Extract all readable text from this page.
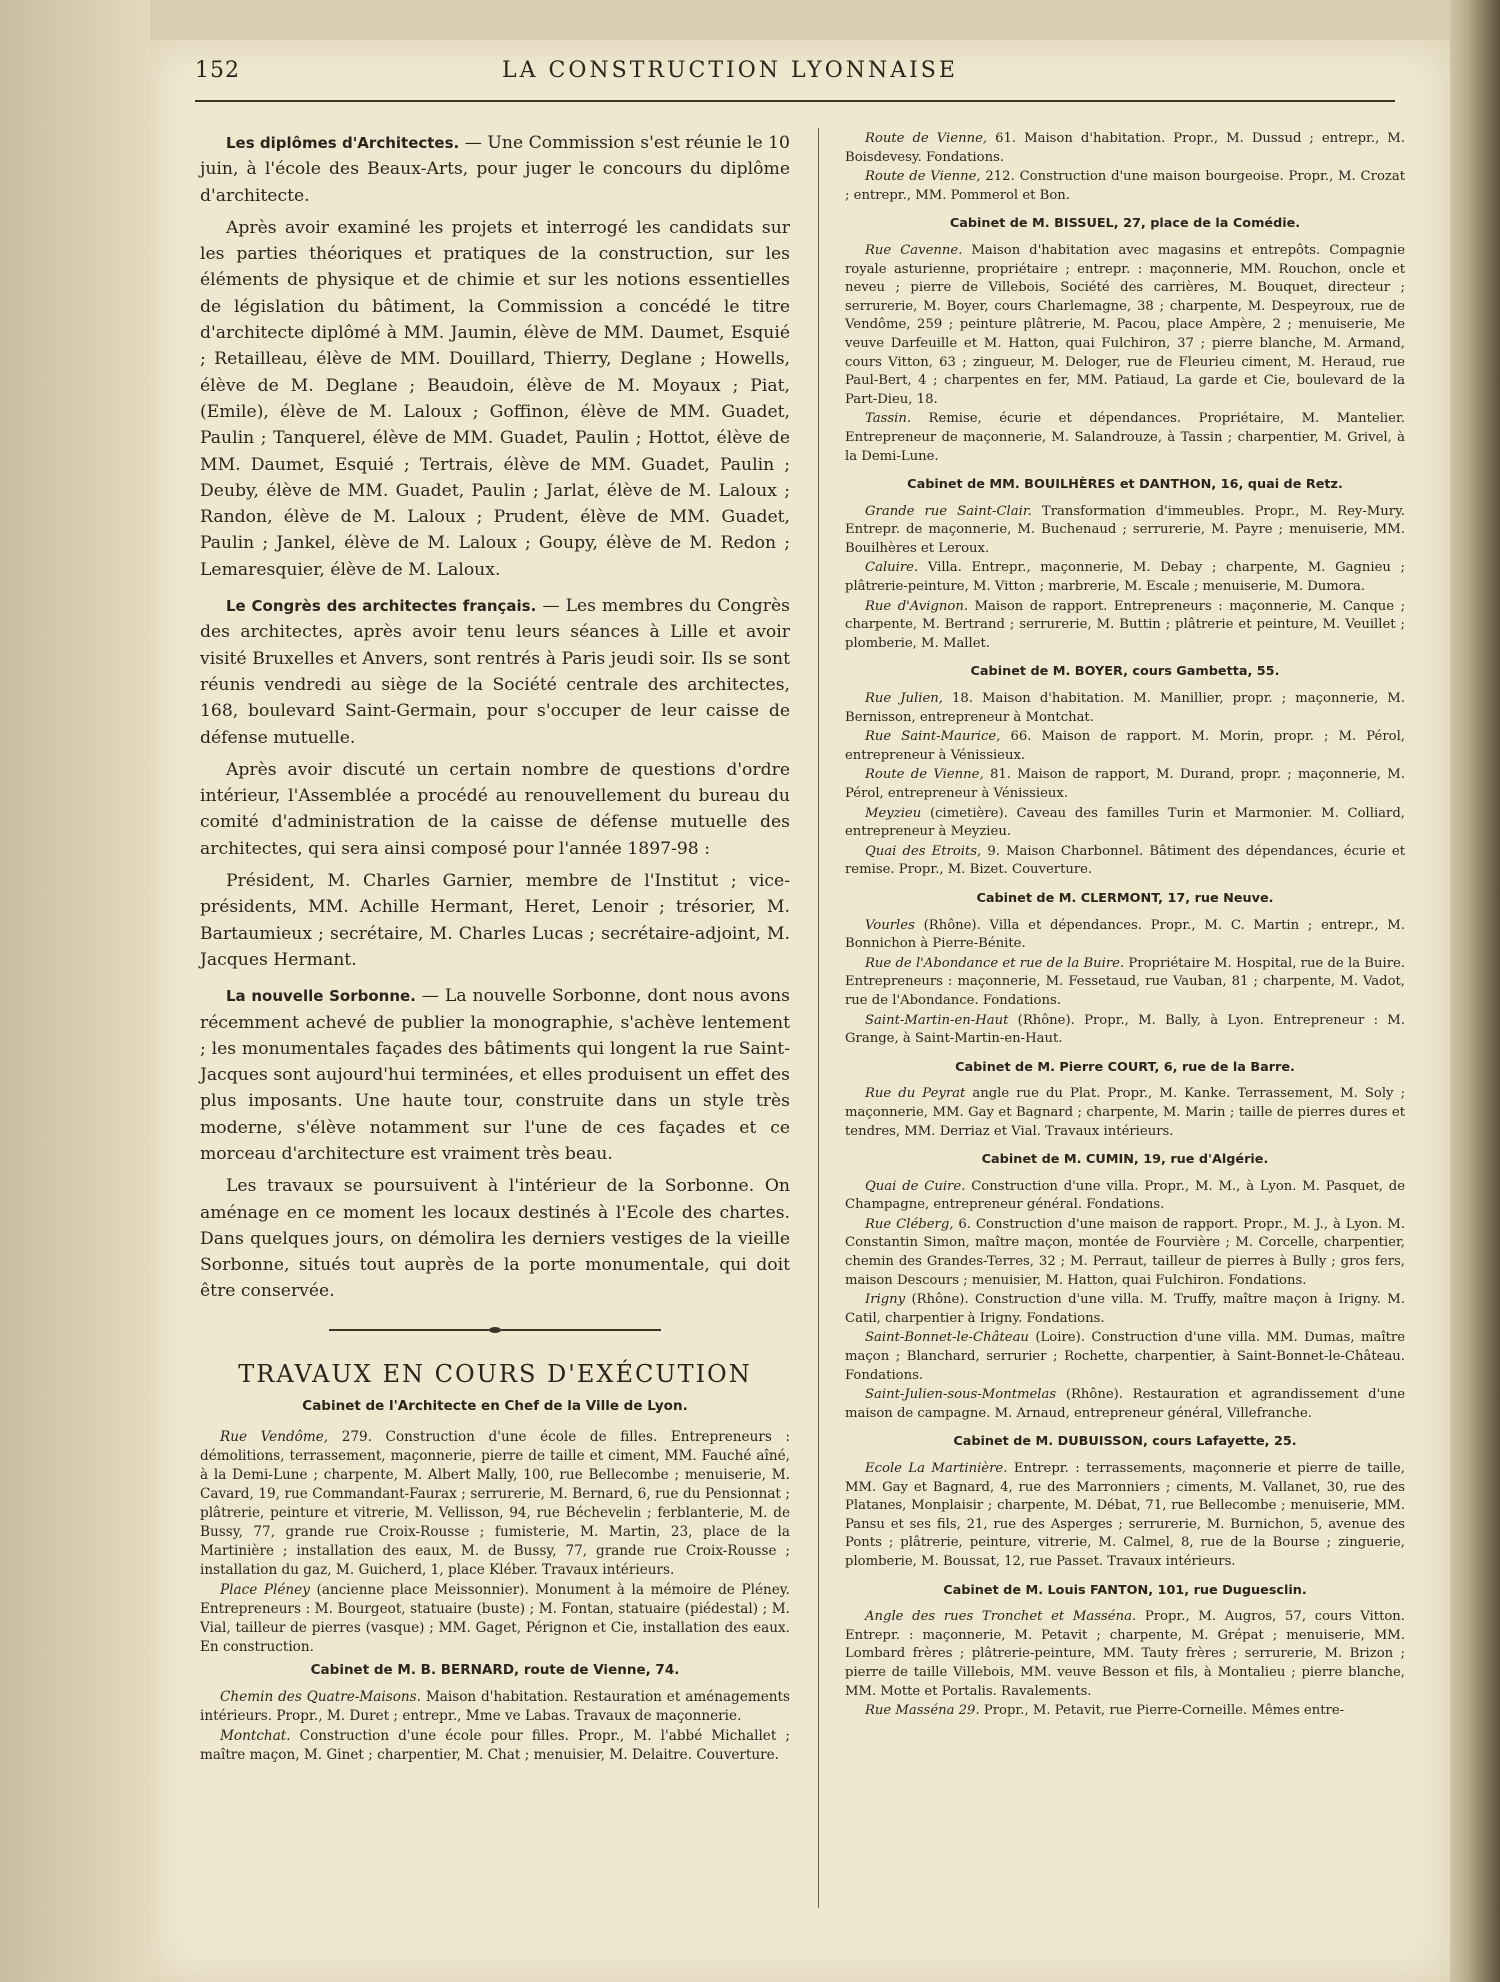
152	LA CONSTRUCTION LYONNAISE

Les diplômes d'Architectes. — Une Commission s'est réunie le 10 juin, à l'école des Beaux-Arts, pour juger le concours du diplôme d'architecte.

Après avoir examiné les projets et interrogé les candidats sur les parties théoriques et pratiques de la construction, sur les éléments de physique et de chimie et sur les notions essentielles de législation du bâtiment, la Commission a concédé le titre d'architecte diplômé à MM. Jaumin, élève de MM. Daumet, Esquié ; Retailleau, élève de MM. Douillard, Thierry, Deglane ; Howells, élève de M. Deglane ; Beaudoin, élève de M. Moyaux ; Piat, (Emile), élève de M. Laloux ; Goffinon, élève de MM. Guadet, Paulin ; Tanquerel, élève de MM. Guadet, Paulin ; Hottot, élève de MM. Daumet, Esquié ; Tertrais, élève de MM. Guadet, Paulin ; Deuby, élève de MM. Guadet, Paulin ; Jarlat, élève de M. Laloux ; Randon, élève de M. Laloux ; Prudent, élève de MM. Guadet, Paulin ; Jankel, élève de M. Laloux ; Goupy, élève de M. Redon ; Lemaresquier, élève de M. Laloux.

Le Congrès des architectes français. — Les membres du Congrès des architectes, après avoir tenu leurs séances à Lille et avoir visité Bruxelles et Anvers, sont rentrés à Paris jeudi soir. Ils se sont réunis vendredi au siège de la Société centrale des architectes, 168, boulevard Saint-Germain, pour s'occuper de leur caisse de défense mutuelle.

Après avoir discuté un certain nombre de questions d'ordre intérieur, l'Assemblée a procédé au renouvellement du bureau du comité d'administration de la caisse de défense mutuelle des architectes, qui sera ainsi composé pour l'année 1897-98 :

Président, M. Charles Garnier, membre de l'Institut ; vice-présidents, MM. Achille Hermant, Heret, Lenoir ; trésorier, M. Bartaumieux ; secrétaire, M. Charles Lucas ; secrétaire-adjoint, M. Jacques Hermant.

La nouvelle Sorbonne. — La nouvelle Sorbonne, dont nous avons récemment achevé de publier la monographie, s'achève lentement ; les monumentales façades des bâtiments qui longent la rue Saint-Jacques sont aujourd'hui terminées, et elles produisent un effet des plus imposants. Une haute tour, construite dans un style très moderne, s'élève notamment sur l'une de ces façades et ce morceau d'architecture est vraiment très beau.

Les travaux se poursuivent à l'intérieur de la Sorbonne. On aménage en ce moment les locaux destinés à l'Ecole des chartes. Dans quelques jours, on démolira les derniers vestiges de la vieille Sorbonne, situés tout auprès de la porte monumentale, qui doit être conservée.

TRAVAUX EN COURS D'EXÉCUTION
Cabinet de l'Architecte en Chef de la Ville de Lyon.

Rue Vendôme, 279. Construction d'une école de filles. Entrepreneurs : démolitions, terrassement, maçonnerie, pierre de taille et ciment, MM. Fauché aîné, à la Demi-Lune ; charpente, M. Albert Mally, 100, rue Bellecombe ; menuiserie, M. Cavard, 19, rue Commandant-Faurax ; serrurerie, M. Bernard, 6, rue du Pensionnat ; plâtrerie, peinture et vitrerie, M. Vellisson, 94, rue Béchevelin ; ferblanterie, M. de Bussy, 77, grande rue Croix-Rousse ; fumisterie, M. Martin, 23, place de la Martinière ; installation des eaux, M. de Bussy, 77, grande rue Croix-Rousse ; installation du gaz, M. Guicherd, 1, place Kléber. Travaux intérieurs.

Place Pléney (ancienne place Meissonnier). Monument à la mémoire de Pléney. Entrepreneurs : M. Bourgeot, statuaire (buste) ; M. Fontan, statuaire (piédestal) ; M. Vial, tailleur de pierres (vasque) ; MM. Gaget, Pérignon et Cie, installation des eaux. En construction.

Cabinet de M. B. BERNARD, route de Vienne, 74.

Chemin des Quatre-Maisons. Maison d'habitation. Restauration et aménagements intérieurs. Propr., M. Duret ; entrepr., Mme ve Labas. Travaux de maçonnerie.

Montchat. Construction d'une école pour filles. Propr., M. l'abbé Michallet ; maître maçon, M. Ginet ; charpentier, M. Chat ; menuisier, M. Delaitre. Couverture.

Route de Vienne, 61. Maison d'habitation. Propr., M. Dussud ; entrepr., M. Boisdevesy. Fondations.

Route de Vienne, 212. Construction d'une maison bourgeoise. Propr., M. Crozat ; entrepr., MM. Pommerol et Bon.

Cabinet de M. BISSUEL, 27, place de la Comédie.

Rue Cavenne. Maison d'habitation avec magasins et entrepôts. Compagnie royale asturienne, propriétaire ; entrepr. : maçonnerie, MM. Rouchon, oncle et neveu ; pierre de Villebois, Société des carrières, M. Bouquet, directeur ; serrurerie, M. Boyer, cours Charlemagne, 38 ; charpente, M. Despeyroux, rue de Vendôme, 259 ; peinture plâtrerie, M. Pacou, place Ampère, 2 ; menuiserie, Me veuve Darfeuille et M. Hatton, quai Fulchiron, 37 ; pierre blanche, M. Armand, cours Vitton, 63 ; zingueur, M. Deloger, rue de Fleurieu ciment, M. Heraud, rue Paul-Bert, 4 ; charpentes en fer, MM. Patiaud, La garde et Cie, boulevard de la Part-Dieu, 18.

Tassin. Remise, écurie et dépendances. Propriétaire, M. Mantelier. Entrepreneur de maçonnerie, M. Salandrouze, à Tassin ; charpentier, M. Grivel, à la Demi-Lune.

Cabinet de MM. BOUILHÈRES et DANTHON, 16, quai de Retz.

Grande rue Saint-Clair. Transformation d'immeubles. Propr., M. Rey-Mury. Entrepr. de maçonnerie, M. Buchenaud ; serrurerie, M. Payre ; menuiserie, MM. Bouilhères et Leroux.

Caluire. Villa. Entrepr., maçonnerie, M. Debay ; charpente, M. Gagnieu ; plâtrerie-peinture, M. Vitton ; marbrerie, M. Escale ; menuiserie, M. Dumora.

Rue d'Avignon. Maison de rapport. Entrepreneurs : maçonnerie, M. Canque ; charpente, M. Bertrand ; serrurerie, M. Buttin ; plâtrerie et peinture, M. Veuillet ; plomberie, M. Mallet.

Cabinet de M. BOYER, cours Gambetta, 55.

Rue Julien, 18. Maison d'habitation. M. Manillier, propr. ; maçonnerie, M. Bernisson, entrepreneur à Montchat.

Rue Saint-Maurice, 66. Maison de rapport. M. Morin, propr. ; M. Pérol, entrepreneur à Vénissieux.

Route de Vienne, 81. Maison de rapport, M. Durand, propr. ; maçonnerie, M. Pérol, entrepreneur à Vénissieux.

Meyzieu (cimetière). Caveau des familles Turin et Marmonier. M. Colliard, entrepreneur à Meyzieu.

Quai des Etroits, 9. Maison Charbonnel. Bâtiment des dépendances, écurie et remise. Propr., M. Bizet. Couverture.

Cabinet de M. CLERMONT, 17, rue Neuve.

Vourles (Rhône). Villa et dépendances. Propr., M. C. Martin ; entrepr., M. Bonnichon à Pierre-Bénite.

Rue de l'Abondance et rue de la Buire. Propriétaire M. Hospital, rue de la Buire. Entrepreneurs : maçonnerie, M. Fessetaud, rue Vauban, 81 ; charpente, M. Vadot, rue de l'Abondance. Fondations.

Saint-Martin-en-Haut (Rhône). Propr., M. Bally, à Lyon. Entrepreneur : M. Grange, à Saint-Martin-en-Haut.

Cabinet de M. Pierre COURT, 6, rue de la Barre.

Rue du Peyrat angle rue du Plat. Propr., M. Kanke. Terrassement, M. Soly ; maçonnerie, MM. Gay et Bagnard ; charpente, M. Marin ; taille de pierres dures et tendres, MM. Derriaz et Vial. Travaux intérieurs.

Cabinet de M. CUMIN, 19, rue d'Algérie.

Quai de Cuire. Construction d'une villa. Propr., M. M., à Lyon. M. Pasquet, de Champagne, entrepreneur général. Fondations.

Rue Cléberg, 6. Construction d'une maison de rapport. Propr., M. J., à Lyon. M. Constantin Simon, maître maçon, montée de Fourvière ; M. Corcelle, charpentier, chemin des Grandes-Terres, 32 ; M. Perraut, tailleur de pierres à Bully ; gros fers, maison Descours ; menuisier, M. Hatton, quai Fulchiron. Fondations.

Irigny (Rhône). Construction d'une villa. M. Truffy, maître maçon à Irigny. M. Catil, charpentier à Irigny. Fondations.

Saint-Bonnet-le-Château (Loire). Construction d'une villa. MM. Dumas, maître maçon ; Blanchard, serrurier ; Rochette, charpentier, à Saint-Bonnet-le-Château. Fondations.

Saint-Julien-sous-Montmelas (Rhône). Restauration et agrandissement d'une maison de campagne. M. Arnaud, entrepreneur général, Villefranche.

Cabinet de M. DUBUISSON, cours Lafayette, 25.

Ecole La Martinière. Entrepr. : terrassements, maçonnerie et pierre de taille, MM. Gay et Bagnard, 4, rue des Marronniers ; ciments, M. Vallanet, 30, rue des Platanes, Monplaisir ; charpente, M. Débat, 71, rue Bellecombe ; menuiserie, MM. Pansu et ses fils, 21, rue des Asperges ; serrurerie, M. Burnichon, 5, avenue des Ponts ; plâtrerie, peinture, vitrerie, M. Calmel, 8, rue de la Bourse ; zinguerie, plomberie, M. Boussat, 12, rue Passet. Travaux intérieurs.

Cabinet de M. Louis FANTON, 101, rue Duguesclin.

Angle des rues Tronchet et Masséna. Propr., M. Augros, 57, cours Vitton. Entrepr. : maçonnerie, M. Petavit ; charpente, M. Grépat ; menuiserie, MM. Lombard frères ; plâtrerie-peinture, MM. Tauty frères ; serrurerie, M. Brizon ; pierre de taille Villebois, MM. veuve Besson et fils, à Montalieu ; pierre blanche, MM. Motte et Portalis. Ravalements.

Rue Masséna 29. Propr., M. Petavit, rue Pierre-Corneille. Mêmes entre-
